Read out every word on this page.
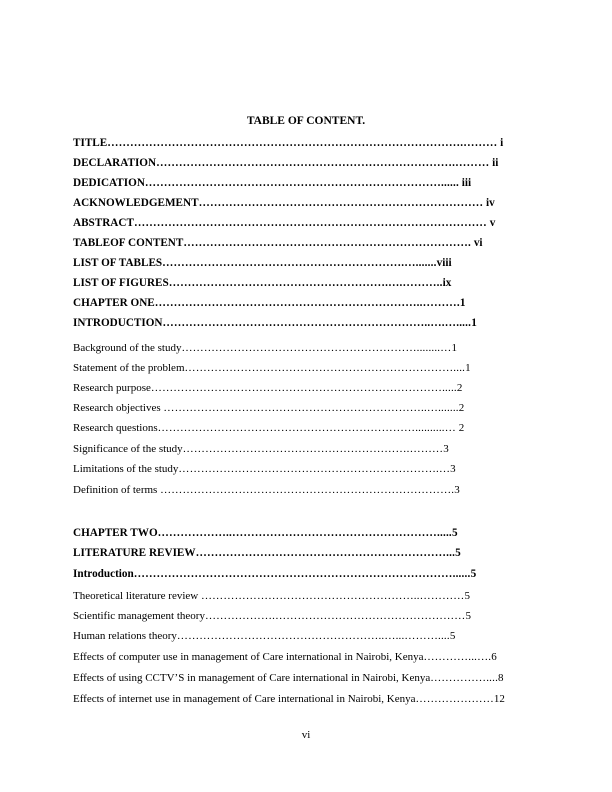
TABLE OF CONTENT.
TITLE………………………………………………………………………………….……… i
DECLARATION…………………………………………………………………….……… ii
DEDICATION……………………………………………………………………...... iii
ACKNOWLEDGEMENT………………………………………………………………… iv
ABSTRACT………………………………………………………………………………… v
TABLEOF CONTENT…………………………………………………………………. vi
LIST OF TABLES……………………………………………………….….......viii
LIST OF FIGURES………………………………………………….….………..ix
CHAPTER ONE……………………………………………………………..……….1
INTRODUCTION……………………………………………………………..….….....1
Background of the study………………………………………………………........…1
Statement of the problem………………………………………………………………....1
Research purpose…………………………………………………………………….....2
Research objectives ……………………………………………………………..….......2
Research questions……………………………………………………………..........… 2
Significance of the study…………………………………………………….………3
Limitations of the study…………………………………………………………….…3
Definition of terms …………………………………………………………………….3
CHAPTER TWO………………..……………………………………………….....5
LITERATURE REVIEW…………………………………………………………...5
Introduction…………………………………………………………………………......5
Theoretical literature review …………………………………………………..…………5
Scientific management theory……………….……………………………………………5
Human relations theory………………………………………………..…...………....5
Effects of computer use in management of Care international in Nairobi, Kenya…………...….6
Effects of using CCTV’S in management of Care international in Nairobi, Kenya……………....8
Effects of internet use in management of Care international in Nairobi, Kenya…………………12
vi
